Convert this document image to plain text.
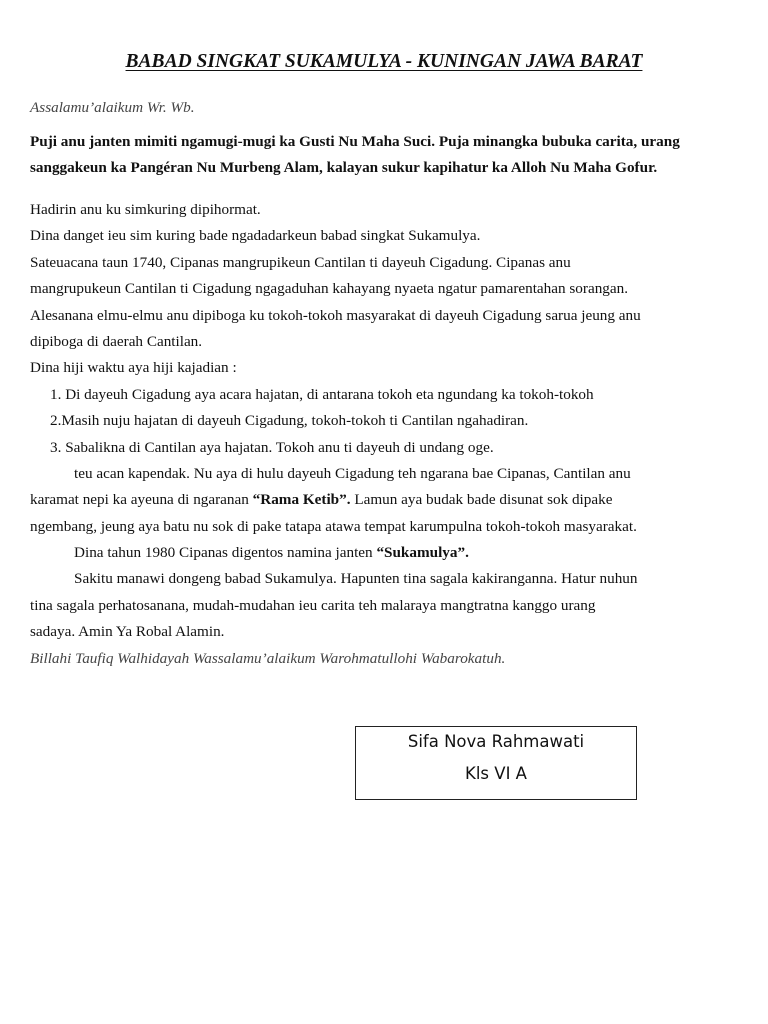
BABAD SINGKAT SUKAMULYA - KUNINGAN JAWA BARAT

Assalamu’alaikum Wr. Wb.

Puji anu janten mimiti ngamugi-mugi ka Gusti Nu Maha Suci. Puja minangka bubuka carita, urang
sanggakeun ka Pangéran Nu Murbeng Alam, kalayan sukur kapihatur ka Alloh Nu Maha Gofur.
Hadirin anu ku simkuring dipihormat.
Dina danget ieu sim kuring bade ngadadarkeun babad singkat Sukamulya.
Sateuacana taun 1740, Cipanas mangrupikeun Cantilan ti dayeuh Cigadung. Cipanas anu
mangrupukeun Cantilan ti Cigadung ngagaduhan kahayang nyaeta ngatur pamarentahan sorangan.
Alesanana elmu-elmu anu dipiboga ku tokoh-tokoh masyarakat di dayeuh Cigadung sarua jeung anu
dipiboga di daerah Cantilan.
Dina hiji waktu aya hiji kajadian :
1. Di dayeuh Cigadung aya acara hajatan, di antarana tokoh eta ngundang ka tokoh-tokoh
2.Masih nuju hajatan di dayeuh Cigadung, tokoh-tokoh ti Cantilan ngahadiran.
3. Sabalikna di Cantilan aya hajatan. Tokoh anu ti dayeuh di undang oge.
teu acan kapendak. Nu aya di hulu dayeuh Cigadung teh ngarana bae Cipanas, Cantilan anu
karamat nepi ka ayeuna di ngaranan “Rama Ketib”. Lamun aya budak bade disunat sok dipake
ngembang, jeung aya batu nu sok di pake tatapa atawa tempat karumpulna tokoh-tokoh masyarakat.
Dina tahun 1980 Cipanas digentos namina janten “Sukamulya”.
Sakitu manawi dongeng babad Sukamulya. Hapunten tina sagala kakiranganna. Hatur nuhun
tina sagala perhatosanana, mudah-mudahan ieu carita teh malaraya mangtratna kanggo urang
sadaya. Amin Ya Robal Alamin.

Billahi Taufiq Walhidayah Wassalamu’alaikum Warohmatullohi Wabarokatuh.

Sifa Nova Rahmawati
Kls VI A
